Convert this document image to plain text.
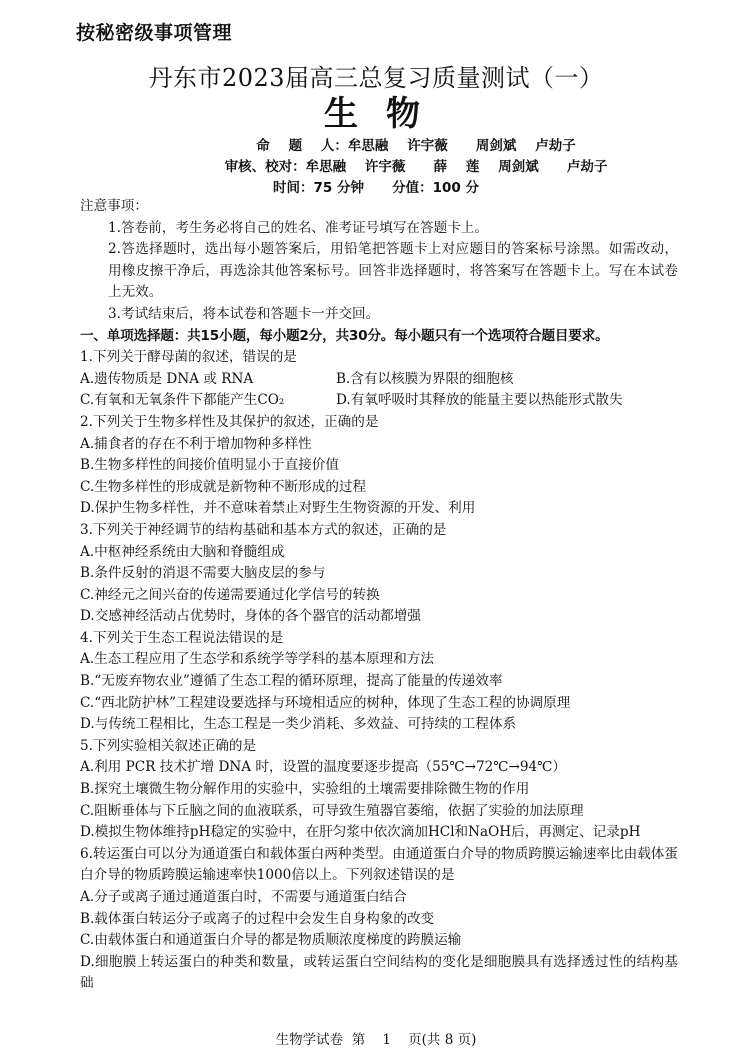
按秘密级事项管理
丹东市2023届高三总复习质量测试（一）
生物
命    题    人：牟思融    许宇薇      周剑斌    卢劫子
审核、校对：牟思融    许宇薇      薛    莲    周剑斌      卢劫子
时间：75 分钟      分值：100 分

注意事项：

1.答卷前，考生务必将自己的姓名、准考证号填写在答题卡上。

2.答选择题时，选出每小题答案后，用铅笔把答题卡上对应题目的答案标号涂黑。如需改动，用橡皮擦干净后，再选涂其他答案标号。回答非选择题时，将答案写在答题卡上。写在本试卷上无效。

3.考试结束后，将本试卷和答题卡一并交回。

一、单项选择题：共15小题，每小题2分，共30分。每小题只有一个选项符合题目要求。

1.下列关于酵母菌的叙述，错误的是

A.遗传物质是 DNA 或 RNA	B.含有以核膜为界限的细胞核
C.有氧和无氧条件下都能产生CO₂	D.有氧呼吸时其释放的能量主要以热能形式散失

2.下列关于生物多样性及其保护的叙述，正确的是

A.捕食者的存在不利于增加物种多样性

B.生物多样性的间接价值明显小于直接价值

C.生物多样性的形成就是新物种不断形成的过程

D.保护生物多样性，并不意味着禁止对野生生物资源的开发、利用

3.下列关于神经调节的结构基础和基本方式的叙述，正确的是

A.中枢神经系统由大脑和脊髓组成

B.条件反射的消退不需要大脑皮层的参与

C.神经元之间兴奋的传递需要通过化学信号的转换

D.交感神经活动占优势时，身体的各个器官的活动都增强

4.下列关于生态工程说法错误的是

A.生态工程应用了生态学和系统学等学科的基本原理和方法

B.“无废弃物农业”遵循了生态工程的循环原理，提高了能量的传递效率

C.“西北防护林”工程建设要选择与环境相适应的树种，体现了生态工程的协调原理

D.与传统工程相比，生态工程是一类少消耗、多效益、可持续的工程体系

5.下列实验相关叙述正确的是

A.利用 PCR 技术扩增 DNA 时，设置的温度要逐步提高（55℃→72℃→94℃）

B.探究土壤微生物分解作用的实验中，实验组的土壤需要排除微生物的作用

C.阻断垂体与下丘脑之间的血液联系，可导致生殖器官萎缩，依据了实验的加法原理

D.模拟生物体维持pH稳定的实验中，在肝匀浆中依次滴加HCl和NaOH后，再测定、记录pH

6.转运蛋白可以分为通道蛋白和载体蛋白两种类型。由通道蛋白介导的物质跨膜运输速率比由载体蛋白介导的物质跨膜运输速率快1000倍以上。下列叙述错误的是

A.分子或离子通过通道蛋白时，不需要与通道蛋白结合

B.载体蛋白转运分子或离子的过程中会发生自身构象的改变

C.由载体蛋白和通道蛋白介导的都是物质顺浓度梯度的跨膜运输

D.细胞膜上转运蛋白的种类和数量，或转运蛋白空间结构的变化是细胞膜具有选择透过性的结构基础

生物学试卷  第    1    页(共 8 页)
